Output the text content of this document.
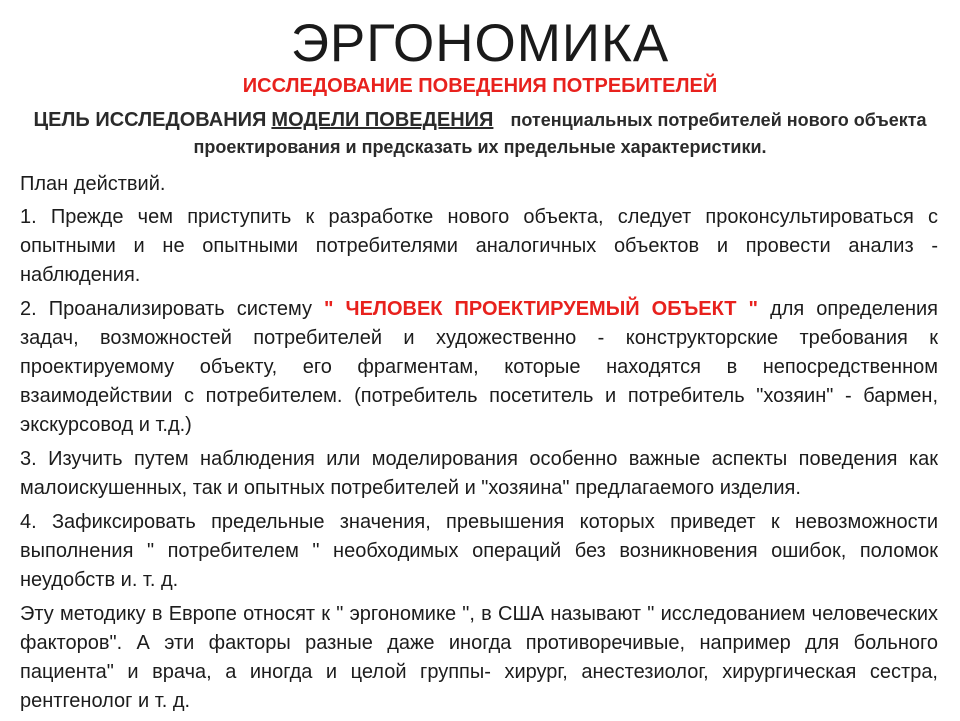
ЭРГОНОМИКА
ИССЛЕДОВАНИЕ ПОВЕДЕНИЯ ПОТРЕБИТЕЛЕЙ
ЦЕЛЬ ИССЛЕДОВАНИЯ МОДЕЛИ ПОВЕДЕНИЯ потенциальных потребителей нового объекта проектирования и предсказать их предельные характеристики.

План действий.

1. Прежде чем приступить к разработке нового объекта, следует проконсультироваться с опытными и не опытными потребителями аналогичных объектов и провести анализ - наблюдения.

2. Проанализировать систему " ЧЕЛОВЕК ПРОЕКТИРУЕМЫЙ ОБЪЕКТ " для определения задач, возможностей потребителей и художественно - конструкторские требования к проектируемому объекту, его фрагментам, которые находятся в непосредственном взаимодействии с потребителем. (потребитель посетитель и потребитель "хозяин" - бармен, экскурсовод и т.д.)

3. Изучить путем наблюдения или моделирования особенно важные аспекты поведения как малоискушенных, так и опытных потребителей и "хозяина" предлагаемого изделия.

4. Зафиксировать предельные значения, превышения которых приведет к невозможности выполнения " потребителем " необходимых операций без возникновения ошибок, поломок неудобств и. т. д.

Эту методику в Европе относят к " эргономике ", в США называют " исследованием человеческих факторов". А эти факторы разные даже иногда противоречивые, например для больного пациента" и врача, а иногда и целой группы- хирург, анестезиолог, хирургическая сестра, рентгенолог и т. д.
